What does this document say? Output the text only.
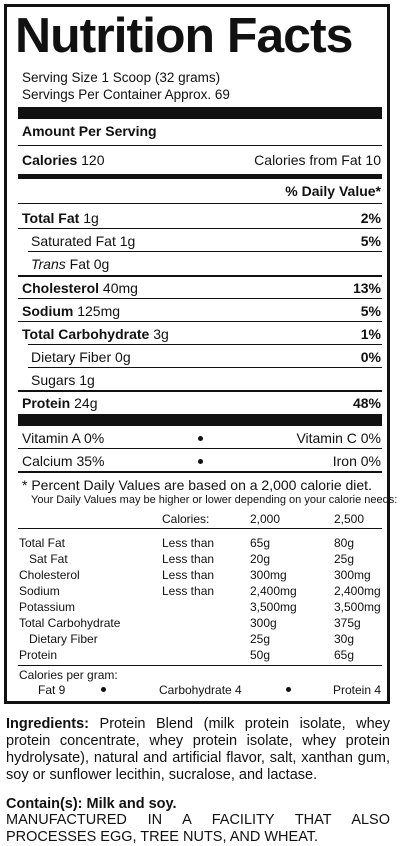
Nutrition Facts
Serving Size 1 Scoop (32 grams)
Servings Per Container Approx. 69
Amount Per Serving
Calories 120	Calories from Fat 10
% Daily Value*
Total Fat 1g	2%
Saturated Fat 1g	5%
Trans Fat 0g
Cholesterol 40mg	13%
Sodium 125mg	5%
Total Carbohydrate 3g	1%
Dietary Fiber 0g	0%
Sugars 1g
Protein 24g	48%
Vitamin A 0%	Vitamin C 0%
Calcium 35%	Iron 0%
* Percent Daily Values are based on a 2,000 calorie diet.
Your Daily Values may be higher or lower depending on your calorie needs:
Calories:	2,000	2,500
Total Fat	Less than	65g	80g
Sat Fat	Less than	20g	25g
Cholesterol	Less than	300mg	300mg
Sodium	Less than	2,400mg	2,400mg
Potassium	3,500mg	3,500mg
Total Carbohydrate	300g	375g
Dietary Fiber	25g	30g
Protein	50g	65g
Calories per gram:
Fat 9	Carbohydrate 4	Protein 4
Ingredients: Protein Blend (milk protein isolate, whey protein concentrate, whey protein isolate, whey protein hydrolysate), natural and artificial flavor, salt, xanthan gum, soy or sunflower lecithin, sucralose, and lactase.
Contain(s): Milk and soy.
MANUFACTURED IN A FACILITY THAT ALSO PROCESSES EGG, TREE NUTS, AND WHEAT.
